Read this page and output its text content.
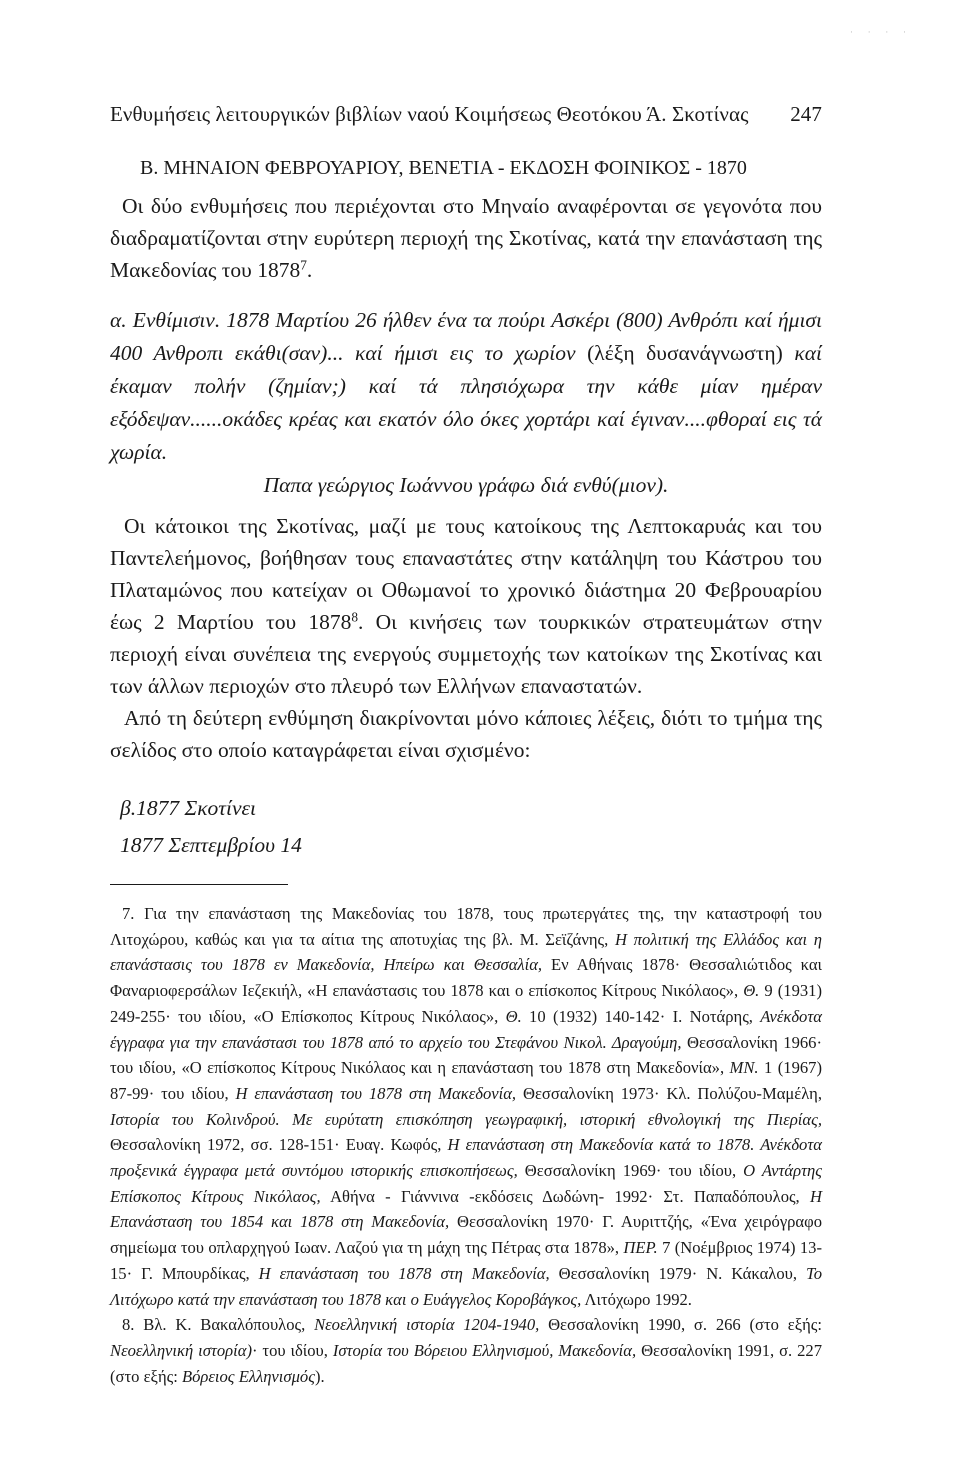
· · · ·
Ενθυμήσεις λειτουργικών βιβλίων ναού Κοιμήσεως Θεοτόκου Ά. Σκοτίνας 247
Β. ΜΗΝΑΙΟΝ ΦΕΒΡΟΥΑΡΙΟΥ, ΒΕΝΕΤΙΑ - ΕΚΔΟΣΗ ΦΟΙΝΙΚΟΣ - 1870

Οι δύο ενθυμήσεις που περιέχονται στο Μηναίο αναφέρονται σε γεγονότα που διαδραματίζονται στην ευρύτερη περιοχή της Σκοτίνας, κατά την επανάσταση της Μακεδονίας του 1878$^7$.

α. Ενθίμισιν. 1878 Μαρτίου 26 ήλθεν ένα τα πούρι Ασκέρι (800) Ανθρόπι καί ήμισι 400 Ανθροπι εκάθι(σαν)... καί ήμισι εις το χωρίον (λέξη δυσανάγνωστη) καί έκαμαν πολήν (ζημίαν;) καί τά πλησιόχωρα την κάθε μίαν ημέραν εξόδεψαν......οκάδες κρέας και εκατόν όλο όκες χορτάρι καί έγιναν....φθοραί εις τά χωρία.

Παπα γεώργιος Ιωάννου γράφω διά ενθύ(μιον).

Οι κάτοικοι της Σκοτίνας, μαζί με τους κατοίκους της Λεπτοκαρυάς και του Παντελεήμονος, βοήθησαν τους επαναστάτες στην κατάληψη του Κάστρου του Πλαταμώνος που κατείχαν οι Οθωμανοί το χρονικό διάστημα 20 Φεβρουαρίου έως 2 Μαρτίου του 1878$^8$. Οι κινήσεις των τουρκικών στρατευμάτων στην περιοχή είναι συνέπεια της ενεργούς συμμετοχής των κατοίκων της Σκοτίνας και των άλλων περιοχών στο πλευρό των Ελλήνων επαναστατών.

Από τη δεύτερη ενθύμηση διακρίνονται μόνο κάποιες λέξεις, διότι το τμήμα της σελίδος στο οποίο καταγράφεται είναι σχισμένο:

β.1877 Σκοτίνει

1877 Σεπτεμβρίου 14

7. Για την επανάσταση της Μακεδονίας του 1878, τους πρωτεργάτες της, την καταστροφή του Λιτοχώρου, καθώς και για τα αίτια της αποτυχίας της βλ. Μ. Σεϊζάνης, Η πολιτική της Ελλάδος και η επανάστασις του 1878 εν Μακεδονία, Ηπείρω και Θεσσαλία, Εν Αθήναις 1878· Θεσσαλιώτιδος και Φαναριοφερσάλων Ιεζεκιήλ, «Η επανάστασις του 1878 και ο επίσκοπος Κίτρους Νικόλαος», Θ. 9 (1931) 249-255· του ιδίου, «Ο Επίσκοπος Κίτρους Νικόλαος», Θ. 10 (1932) 140-142· Ι. Νοτάρης, Ανέκδοτα έγγραφα για την επανάστασι του 1878 από το αρχείο του Στεφάνου Νικολ. Δραγούμη, Θεσσαλονίκη 1966· του ιδίου, «Ο επίσκοπος Κίτρους Νικόλαος και η επανάσταση του 1878 στη Μακεδονία», ΜΝ. 1 (1967) 87-99· του ιδίου, Η επανάσταση του 1878 στη Μακεδονία, Θεσσαλονίκη 1973· Κλ. Πολύζου-Μαμέλη, Ιστορία του Κολινδρού. Με ευρύτατη επισκόπηση γεωγραφική, ιστορική εθνολογική της Πιερίας, Θεσσαλονίκη 1972, σσ. 128-151· Ευαγ. Κωφός, Η επανάσταση στη Μακεδονία κατά το 1878. Ανέκδοτα προξενικά έγγραφα μετά συντόμου ιστορικής επισκοπήσεως, Θεσσαλονίκη 1969· του ιδίου, Ο Αντάρτης Επίσκοπος Κίτρους Νικόλαος, Αθήνα - Γιάννινα -εκδόσεις Δωδώνη- 1992· Στ. Παπαδόπουλος, Η Επανάσταση του 1854 και 1878 στη Μακεδονία, Θεσσαλονίκη 1970· Γ. Αυριττζής, «Ένα χειρόγραφο σημείωμα του οπλαρχηγού Ιωαν. Λαζού για τη μάχη της Πέτρας στα 1878», ΠΕΡ. 7 (Νοέμβριος 1974) 13-15· Γ. Μπουρδίκας, Η επανάσταση του 1878 στη Μακεδονία, Θεσσαλονίκη 1979· Ν. Κάκαλου, Το Λιτόχωρο κατά την επανάσταση του 1878 και ο Ευάγγελος Κοροβάγκος, Λιτόχωρο 1992.

8. Βλ. Κ. Βακαλόπουλος, Νεοελληνική ιστορία 1204-1940, Θεσσαλονίκη 1990, σ. 266 (στο εξής: Νεοελληνική ιστορία)· του ιδίου, Ιστορία του Βόρειου Ελληνισμού, Μακεδονία, Θεσσαλονίκη 1991, σ. 227 (στο εξής: Βόρειος Ελληνισμός).
